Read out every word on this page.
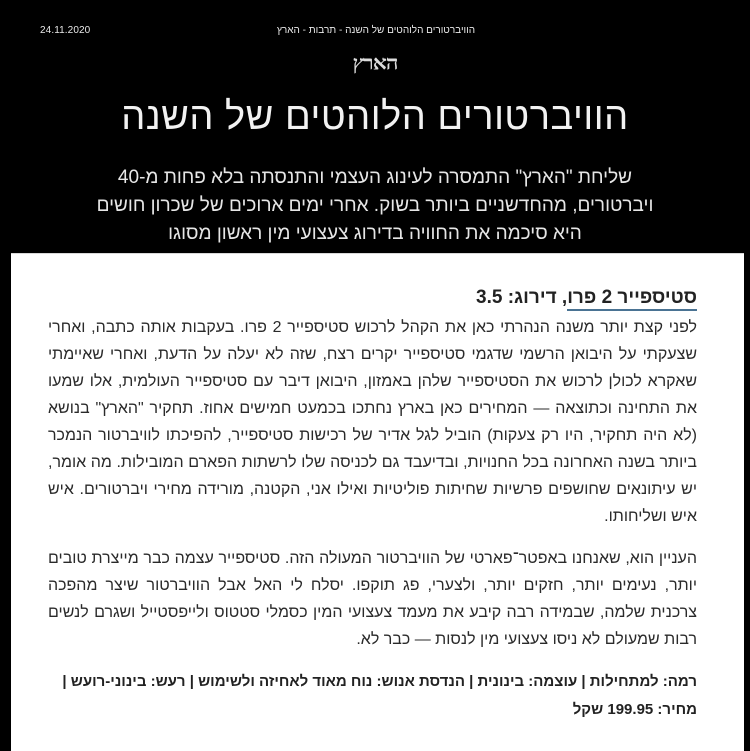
24.11.2020	הוויברטורים הלוהטים של השנה - תרבות - הארץ
הארץ
הוויברטורים הלוהטים של השנה
שליחת "הארץ" התמסרה לעינוג העצמי והתנסתה בלא פחות מ-40 ויברטורים, מהחדשניים ביותר בשוק. אחרי ימים ארוכים של שכרון חושים היא סיכמה את החוויה בדירוג צעצועי מין ראשון מסוגו
סטיספייר 2 פרו, דירוג: 3.5

לפני קצת יותר משנה הנהרתי כאן את הקהל לרכוש סטיספייר 2 פרו. בעקבות אותה כתבה, ואחרי שצעקתי על היבואן הרשמי שדגמי סטיספייר יקרים רצח, שזה לא יעלה על הדעת, ואחרי שאיימתי שאקרא לכולן לרכוש את הסטיספייר שלהן באמזון, היבואן דיבר עם סטיספייר העולמית, אלו שמעו את התחינה וכתוצאה — המחירים כאן בארץ נחתכו בכמעט חמישים אחוז. תחקיר "הארץ" בנושא (לא היה תחקיר, היו רק צעקות) הוביל לגל אדיר של רכישות סטיספייר, להפיכתו לוויברטור הנמכר ביותר בשנה האחרונה בכל החנויות, ובדיעבד גם לכניסה שלו לרשתות הפארם המובילות. מה אומר, יש עיתונאים שחושפים פרשיות שחיתות פוליטיות ואילו אני, הקטנה, מורידה מחירי ויברטורים. איש איש ושליחותו.

העניין הוא, שאנחנו באפטר־פארטי של הוויברטור המעולה הזה. סטיספייר עצמה כבר מייצרת טובים יותר, נעימים יותר, חזקים יותר, ולצערי, פג תוקפו. יסלח לי האל אבל הוויברטור שיצר מהפכה צרכנית שלמה, שבמידה רבה קיבע את מעמד צעצועי המין כסמלי סטטוס ולייפסטייל ושגרם לנשים רבות שמעולם לא ניסו צעצועי מין לנסות — כבר לא.

רמה: למתחילות | עוצמה: בינונית | הנדסת אנוש: נוח מאוד לאחיזה ולשימוש | רעש: בינוני-רועש | מחיר: 199.95 שקל
